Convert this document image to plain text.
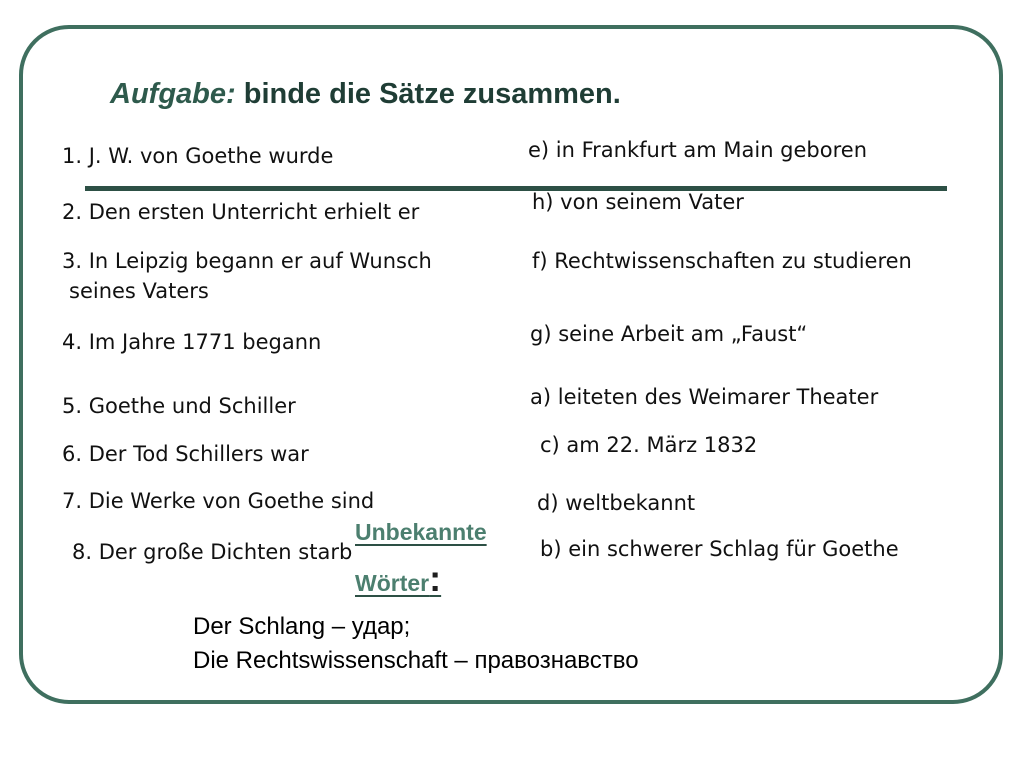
Aufgabe: binde die Sätze zusammen.
1. J. W. von Goethe wurde
2. Den ersten Unterricht erhielt er
3. In Leipzig begann er auf Wunsch
seines Vaters
4. Im Jahre 1771 begann
5. Goethe und Schiller
6. Der Tod Schillers war
7. Die Werke von Goethe sind
8. Der große Dichten starb
e) in Frankfurt am Main geboren
h) von seinem Vater
f) Rechtwissenschaften zu studieren
g) seine Arbeit am „Faust“
a) leiteten des Weimarer Theater
c) am 22. März 1832
d) weltbekannt
b) ein schwerer Schlag für Goethe
Unbekannte
Wörter:
Der Schlang – удар;
Die Rechtswissenschaft – правознавство
